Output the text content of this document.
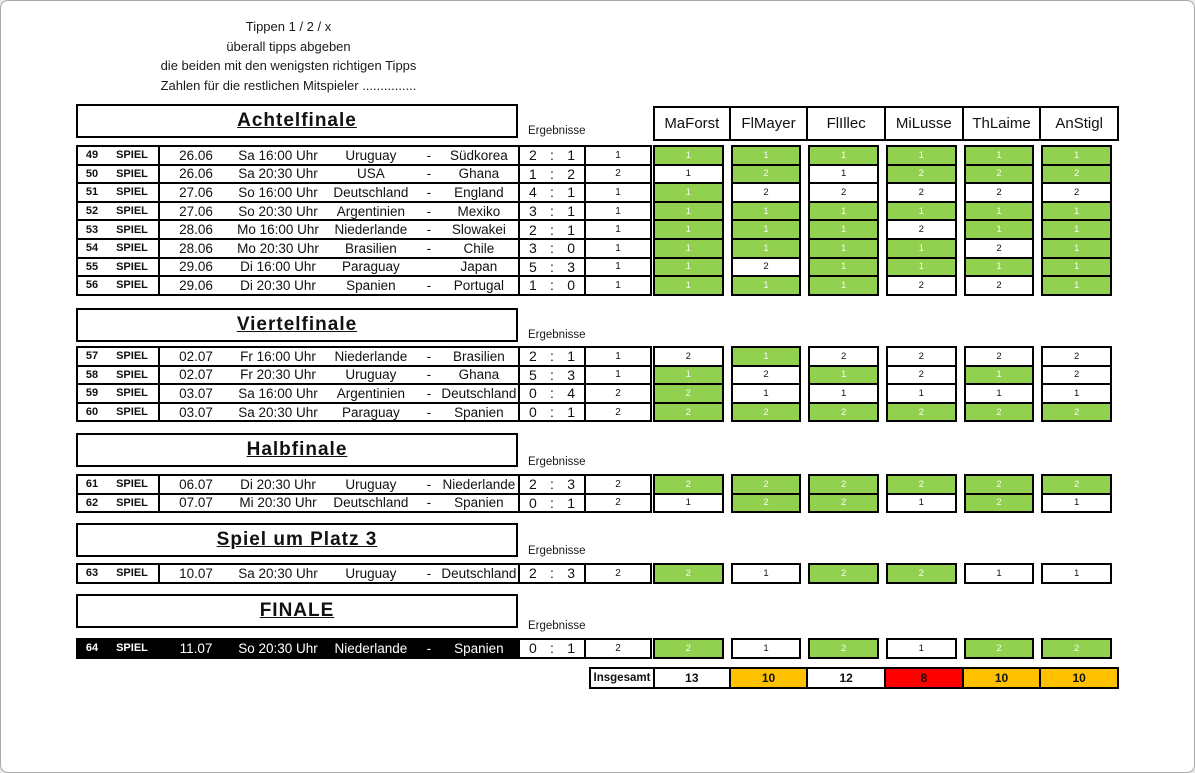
Tippen 1 / 2 / x
überall tipps abgeben
die beiden mit den wenigsten richtigen Tipps
Zahlen für die restlichen Mitspieler ...............
MaForst	FlMayer	FlIllec	MiLusse	ThLaime	AnStigl
Achtelfinale	Ergebnisse
49	SPIEL	26.06	Sa 16:00 Uhr	Uruguay	-	Südkorea	2 : 1	1	1	1	1	1	1	1
50	SPIEL	26.06	Sa 20:30 Uhr	USA	-	Ghana	1 : 2	2	1	2	1	2	2	2
51	SPIEL	27.06	So 16:00 Uhr	Deutschland	-	England	4 : 1	1	1	2	2	2	2	2
52	SPIEL	27.06	So 20:30 Uhr	Argentinien	-	Mexiko	3 : 1	1	1	1	1	1	1	1
53	SPIEL	28.06	Mo 16:00 Uhr	Niederlande	-	Slowakei	2 : 1	1	1	1	1	2	1	1
54	SPIEL	28.06	Mo 20:30 Uhr	Brasilien	-	Chile	3 : 0	1	1	1	1	1	2	1
55	SPIEL	29.06	Di 16:00 Uhr	Paraguay	Japan	5 : 3	1	1	2	1	1	1	1
56	SPIEL	29.06	Di 20:30 Uhr	Spanien	-	Portugal	1 : 0	1	1	1	1	2	2	1
Viertelfinale	Ergebnisse
57	SPIEL	02.07	Fr 16:00 Uhr	Niederlande	-	Brasilien	2 : 1	1	2	1	2	2	2	2
58	SPIEL	02.07	Fr 20:30 Uhr	Uruguay	-	Ghana	5 : 3	1	1	2	1	2	1	2
59	SPIEL	03.07	Sa 16:00 Uhr	Argentinien	- Deutschland 0 : 4	2	2	1	1	1	1	1
60	SPIEL	03.07	Sa 20:30 Uhr	Paraguay	-	Spanien	0 : 1	2	2	2	2	2	2	2
Halbfinale
Ergebnisse
61	SPIEL	06.07	Di 20:30 Uhr	Uruguay	- Niederlande 2 : 3	2	2	2	2	2	2	2
62	SPIEL	07.07	Mi 20:30 Uhr	Deutschland	-	Spanien	0 : 1	2	1	2	2	1	2	1
Spiel um Platz 3
Ergebnisse
63	SPIEL	10.07	Sa 20:30 Uhr	Uruguay	- Deutschland 2 : 3	2	2	1	2	2	1	1
FINALE
Ergebnisse
64	SPIEL	11.07	So 20:30 Uhr	Niederlande	-	Spanien	0 : 1	2	2	1	2	1	2	2
Insgesamt	13	10	12	8	10	10
